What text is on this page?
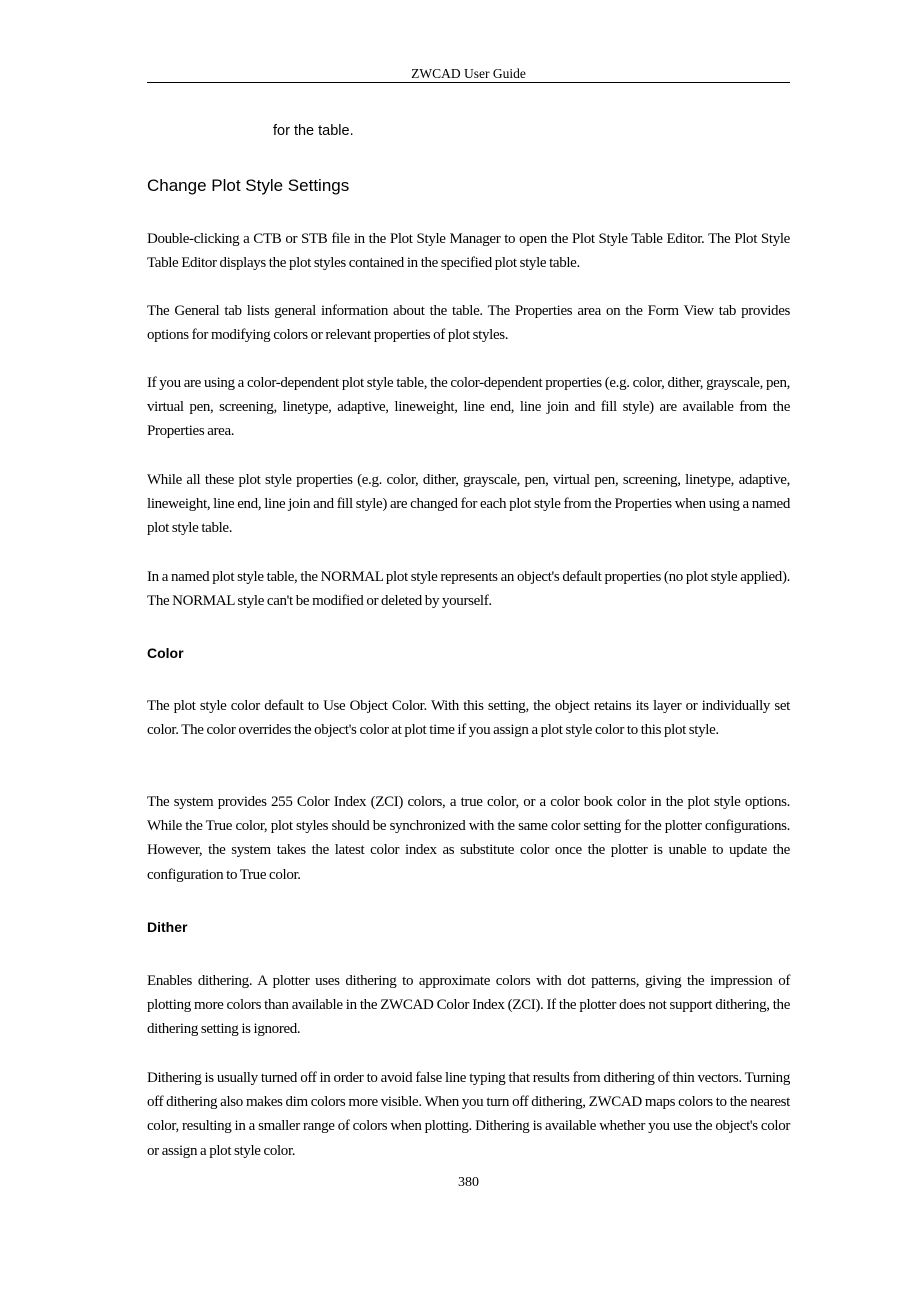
ZWCAD User Guide
for the table.
Change Plot Style Settings

Double-clicking a CTB or STB file in the Plot Style Manager to open the Plot Style Table Editor. The Plot Style Table Editor displays the plot styles contained in the specified plot style table.

The General tab lists general information about the table. The Properties area on the Form View tab provides options for modifying colors or relevant properties of plot styles.

If you are using a color-dependent plot style table, the color-dependent properties (e.g. color, dither, grayscale, pen, virtual pen, screening, linetype, adaptive, lineweight, line end, line join and fill style) are available from the Properties area.

While all these plot style properties (e.g. color, dither, grayscale, pen, virtual pen, screening, linetype, adaptive, lineweight, line end, line join and fill style) are changed for each plot style from the Properties when using a named plot style table.

In a named plot style table, the NORMAL plot style represents an object's default properties (no plot style applied). The NORMAL style can't be modified or deleted by yourself.

Color

The plot style color default to Use Object Color. With this setting, the object retains its layer or individually set color. The color overrides the object's color at plot time if you assign a plot style color to this plot style.

The system provides 255 Color Index (ZCI) colors, a true color, or a color book color in the plot style options. While the True color, plot styles should be synchronized with the same color setting for the plotter configurations. However, the system takes the latest color index as substitute color once the plotter is unable to update the configuration to True color.

Dither

Enables dithering. A plotter uses dithering to approximate colors with dot patterns, giving the impression of plotting more colors than available in the ZWCAD Color Index (ZCI). If the plotter does not support dithering, the dithering setting is ignored.

Dithering is usually turned off in order to avoid false line typing that results from dithering of thin vectors. Turning off dithering also makes dim colors more visible. When you turn off dithering, ZWCAD maps colors to the nearest color, resulting in a smaller range of colors when plotting. Dithering is available whether you use the object's color or assign a plot style color.

380
